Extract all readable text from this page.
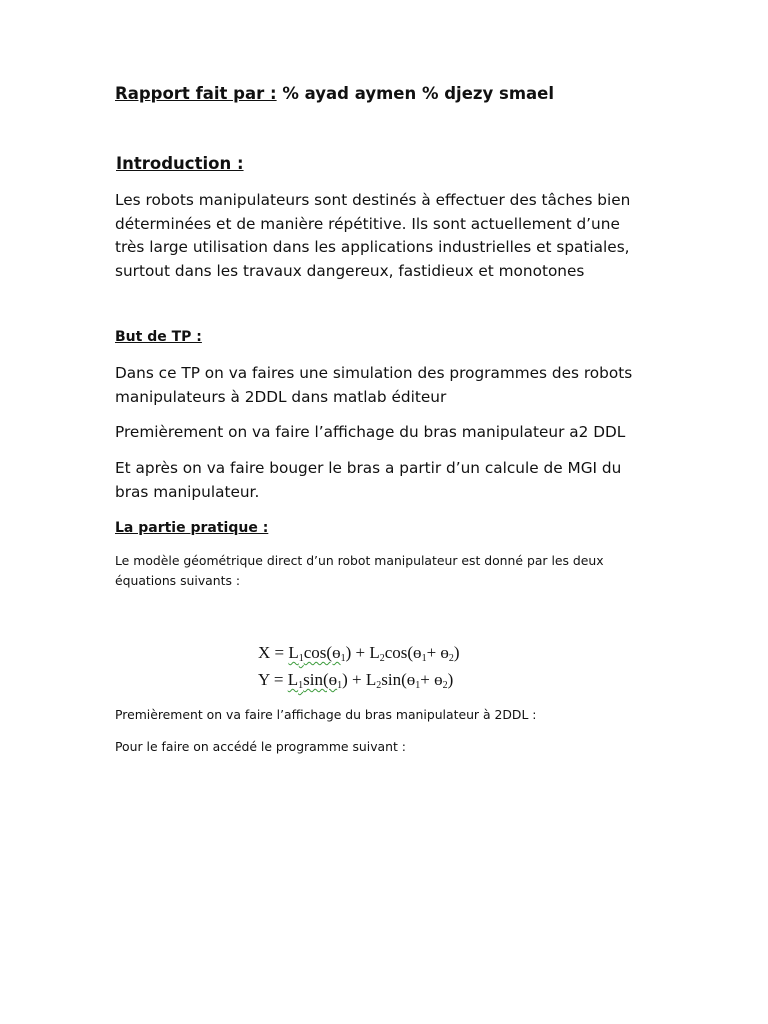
Rapport fait par : % ayad aymen % djezy smael
Introduction :

Les robots manipulateurs sont destinés à effectuer des tâches bien déterminées et de manière répétitive. Ils sont actuellement d’une très large utilisation dans les applications industrielles et spatiales, surtout dans les travaux dangereux, fastidieux et monotones

But de TP :

Dans ce TP on va faires une simulation des programmes des robots manipulateurs à 2DDL dans matlab éditeur

Premièrement on va faire l’affichage du bras manipulateur a2 DDL

Et après on va faire bouger le bras a partir d’un calcule de MGI du bras manipulateur.

La partie pratique :

Le modèle géométrique direct d’un robot manipulateur est donné par les deux équations suivants :

$X = L_1\cos(ɵ_1)$ + $L_2\cos(ɵ_1+$ ɵ$_2$)
$Y = L_1\sin(ɵ_1)$ + $L_2\sin(ɵ_1+$ ɵ$_2$)

Premièrement on va faire l’affichage du bras manipulateur à 2DDL :

Pour le faire on accédé le programme suivant :
